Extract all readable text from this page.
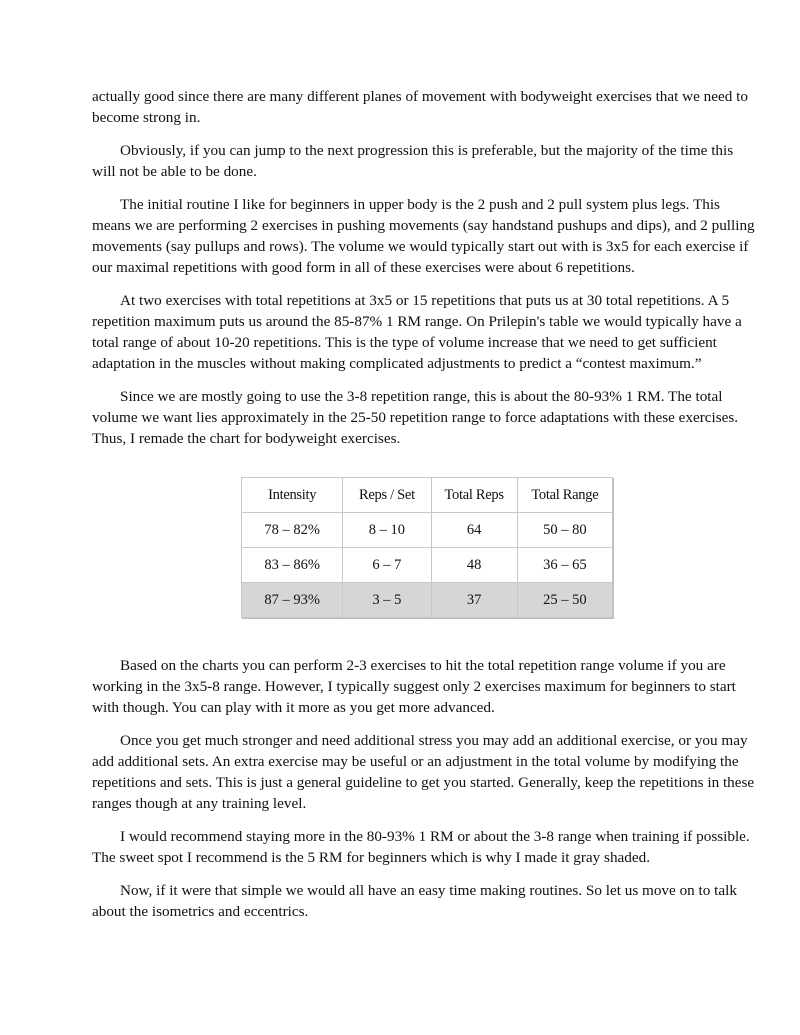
actually good since there are many different planes of movement with bodyweight exercises that we need to become strong in.

Obviously, if you can jump to the next progression this is preferable, but the majority of the time this will not be able to be done.

The initial routine I like for beginners in upper body is the 2 push and 2 pull system plus legs. This means we are performing 2 exercises in pushing movements (say handstand pushups and dips), and 2 pulling movements (say pullups and rows). The volume we would typically start out with is 3x5 for each exercise if our maximal repetitions with good form in all of these exercises were about 6 repetitions.

At two exercises with total repetitions at 3x5 or 15 repetitions that puts us at 30 total repetitions. A 5 repetition maximum puts us around the 85-87% 1 RM range. On Prilepin's table we would typically have a total range of about 10-20 repetitions. This is the type of volume increase that we need to get sufficient adaptation in the muscles without making complicated adjustments to predict a “contest maximum.”

Since we are mostly going to use the 3-8 repetition range, this is about the 80-93% 1 RM. The total volume we want lies approximately in the 25-50 repetition range to force adaptations with these exercises. Thus, I remade the chart for bodyweight exercises.

Intensity	Reps / Set	Total Reps	Total Range
78 – 82%	8 – 10	64	50 – 80
83 – 86%	6 – 7	48	36 – 65
87 – 93%	3 – 5	37	25 – 50

Based on the charts you can perform 2-3 exercises to hit the total repetition range volume if you are working in the 3x5-8 range. However, I typically suggest only 2 exercises maximum for beginners to start with though. You can play with it more as you get more advanced.

Once you get much stronger and need additional stress you may add an additional exercise, or you may add additional sets. An extra exercise may be useful or an adjustment in the total volume by modifying the repetitions and sets. This is just a general guideline to get you started. Generally, keep the repetitions in these ranges though at any training level.

I would recommend staying more in the 80-93% 1 RM or about the 3-8 range when training if possible. The sweet spot I recommend is the 5 RM for beginners which is why I made it gray shaded.

Now, if it were that simple we would all have an easy time making routines. So let us move on to talk about the isometrics and eccentrics.
